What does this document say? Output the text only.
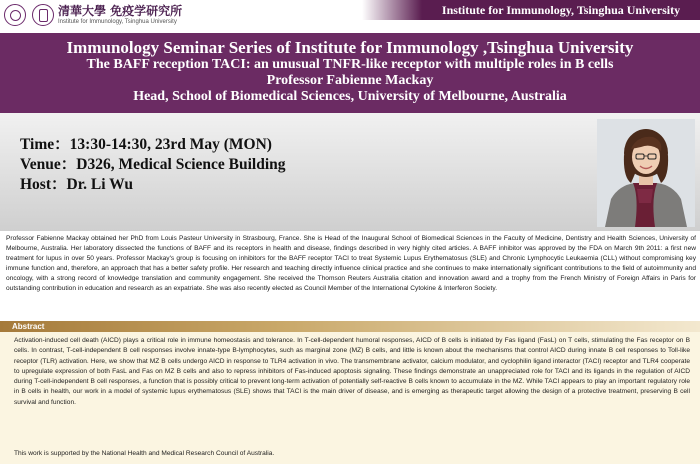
清華大學 免疫学研究所
Institute for Immunology, Tsinghua University
Institute for Immunology, Tsinghua University
Immunology Seminar Series of Institute for Immunology ,Tsinghua University
The BAFF reception TACI: an unusual TNFR-like receptor with multiple roles in B cells
Professor Fabienne Mackay
Head, School of Biomedical Sciences, University of Melbourne, Australia
Time：13:30-14:30, 23rd May (MON)
Venue：D326, Medical Science Building
Host：Dr. Li Wu
Professor Fabienne Mackay obtained her PhD from Louis Pasteur University in Strasbourg, France. She is Head of the Inaugural School of Biomedical Sciences in the Faculty of Medicine, Dentistry and Health Sciences, University of Melbourne, Australia. Her laboratory dissected the functions of BAFF and its receptors in health and disease, findings described in very highly cited articles. A BAFF inhibitor was approved by the FDA on March 9th 2011: a first new treatment for lupus in over 50 years. Professor Mackay's group is focusing on inhibitors for the BAFF receptor TACI to treat Systemic Lupus Erythematosus (SLE) and Chronic Lymphocytic Leukaemia (CLL) without compromising key immune function and, therefore, an approach that has a better safety profile. Her research and teaching directly influence clinical practice and she continues to make internationally significant contributions to the field of autoimmunity and oncology, with a strong record of knowledge translation and community engagement. She received the Thomson Reuters Australia citation and innovation award and a trophy from the French Ministry of Foreign Affairs in Paris for outstanding contribution in education and research as an expatriate. She was also recently elected as Council Member of the International Cytokine & Interferon Society.
Abstract
Activation-induced cell death (AICD) plays a critical role in immune homeostasis and tolerance. In T-cell-dependent humoral responses, AICD of B cells is initiated by Fas ligand (FasL) on T cells, stimulating the Fas receptor on B cells. In contrast, T-cell-independent B cell responses involve innate-type B-lymphocytes, such as marginal zone (MZ) B cells, and little is known about the mechanisms that control AICD during innate B cell responses to Toll-like receptor (TLR) activation. Here, we show that MZ B cells undergo AICD in response to TLR4 activation in vivo. The transmembrane activator, calcium modulator, and cyclophilin ligand interactor (TACI) receptor and TLR4 cooperate to upregulate expression of both FasL and Fas on MZ B cells and also to repress inhibitors of Fas-induced apoptosis signaling. These findings demonstrate an unappreciated role for TACI and its ligands in the regulation of AICD during T-cell-independent B cell responses, a function that is possibly critical to prevent long-term activation of potentially self-reactive B cells known to accumulate in the MZ. While TACI appears to play an important regulatory role in B cells in health, our work in a model of systemic lupus erythematosus (SLE) shows that TACI is the main driver of disease, and is emerging as therapeutic target allowing the design of a protective treatment, preserving B cell survival and function.
This work is supported by the National Health and Medical Research Council of Australia.
